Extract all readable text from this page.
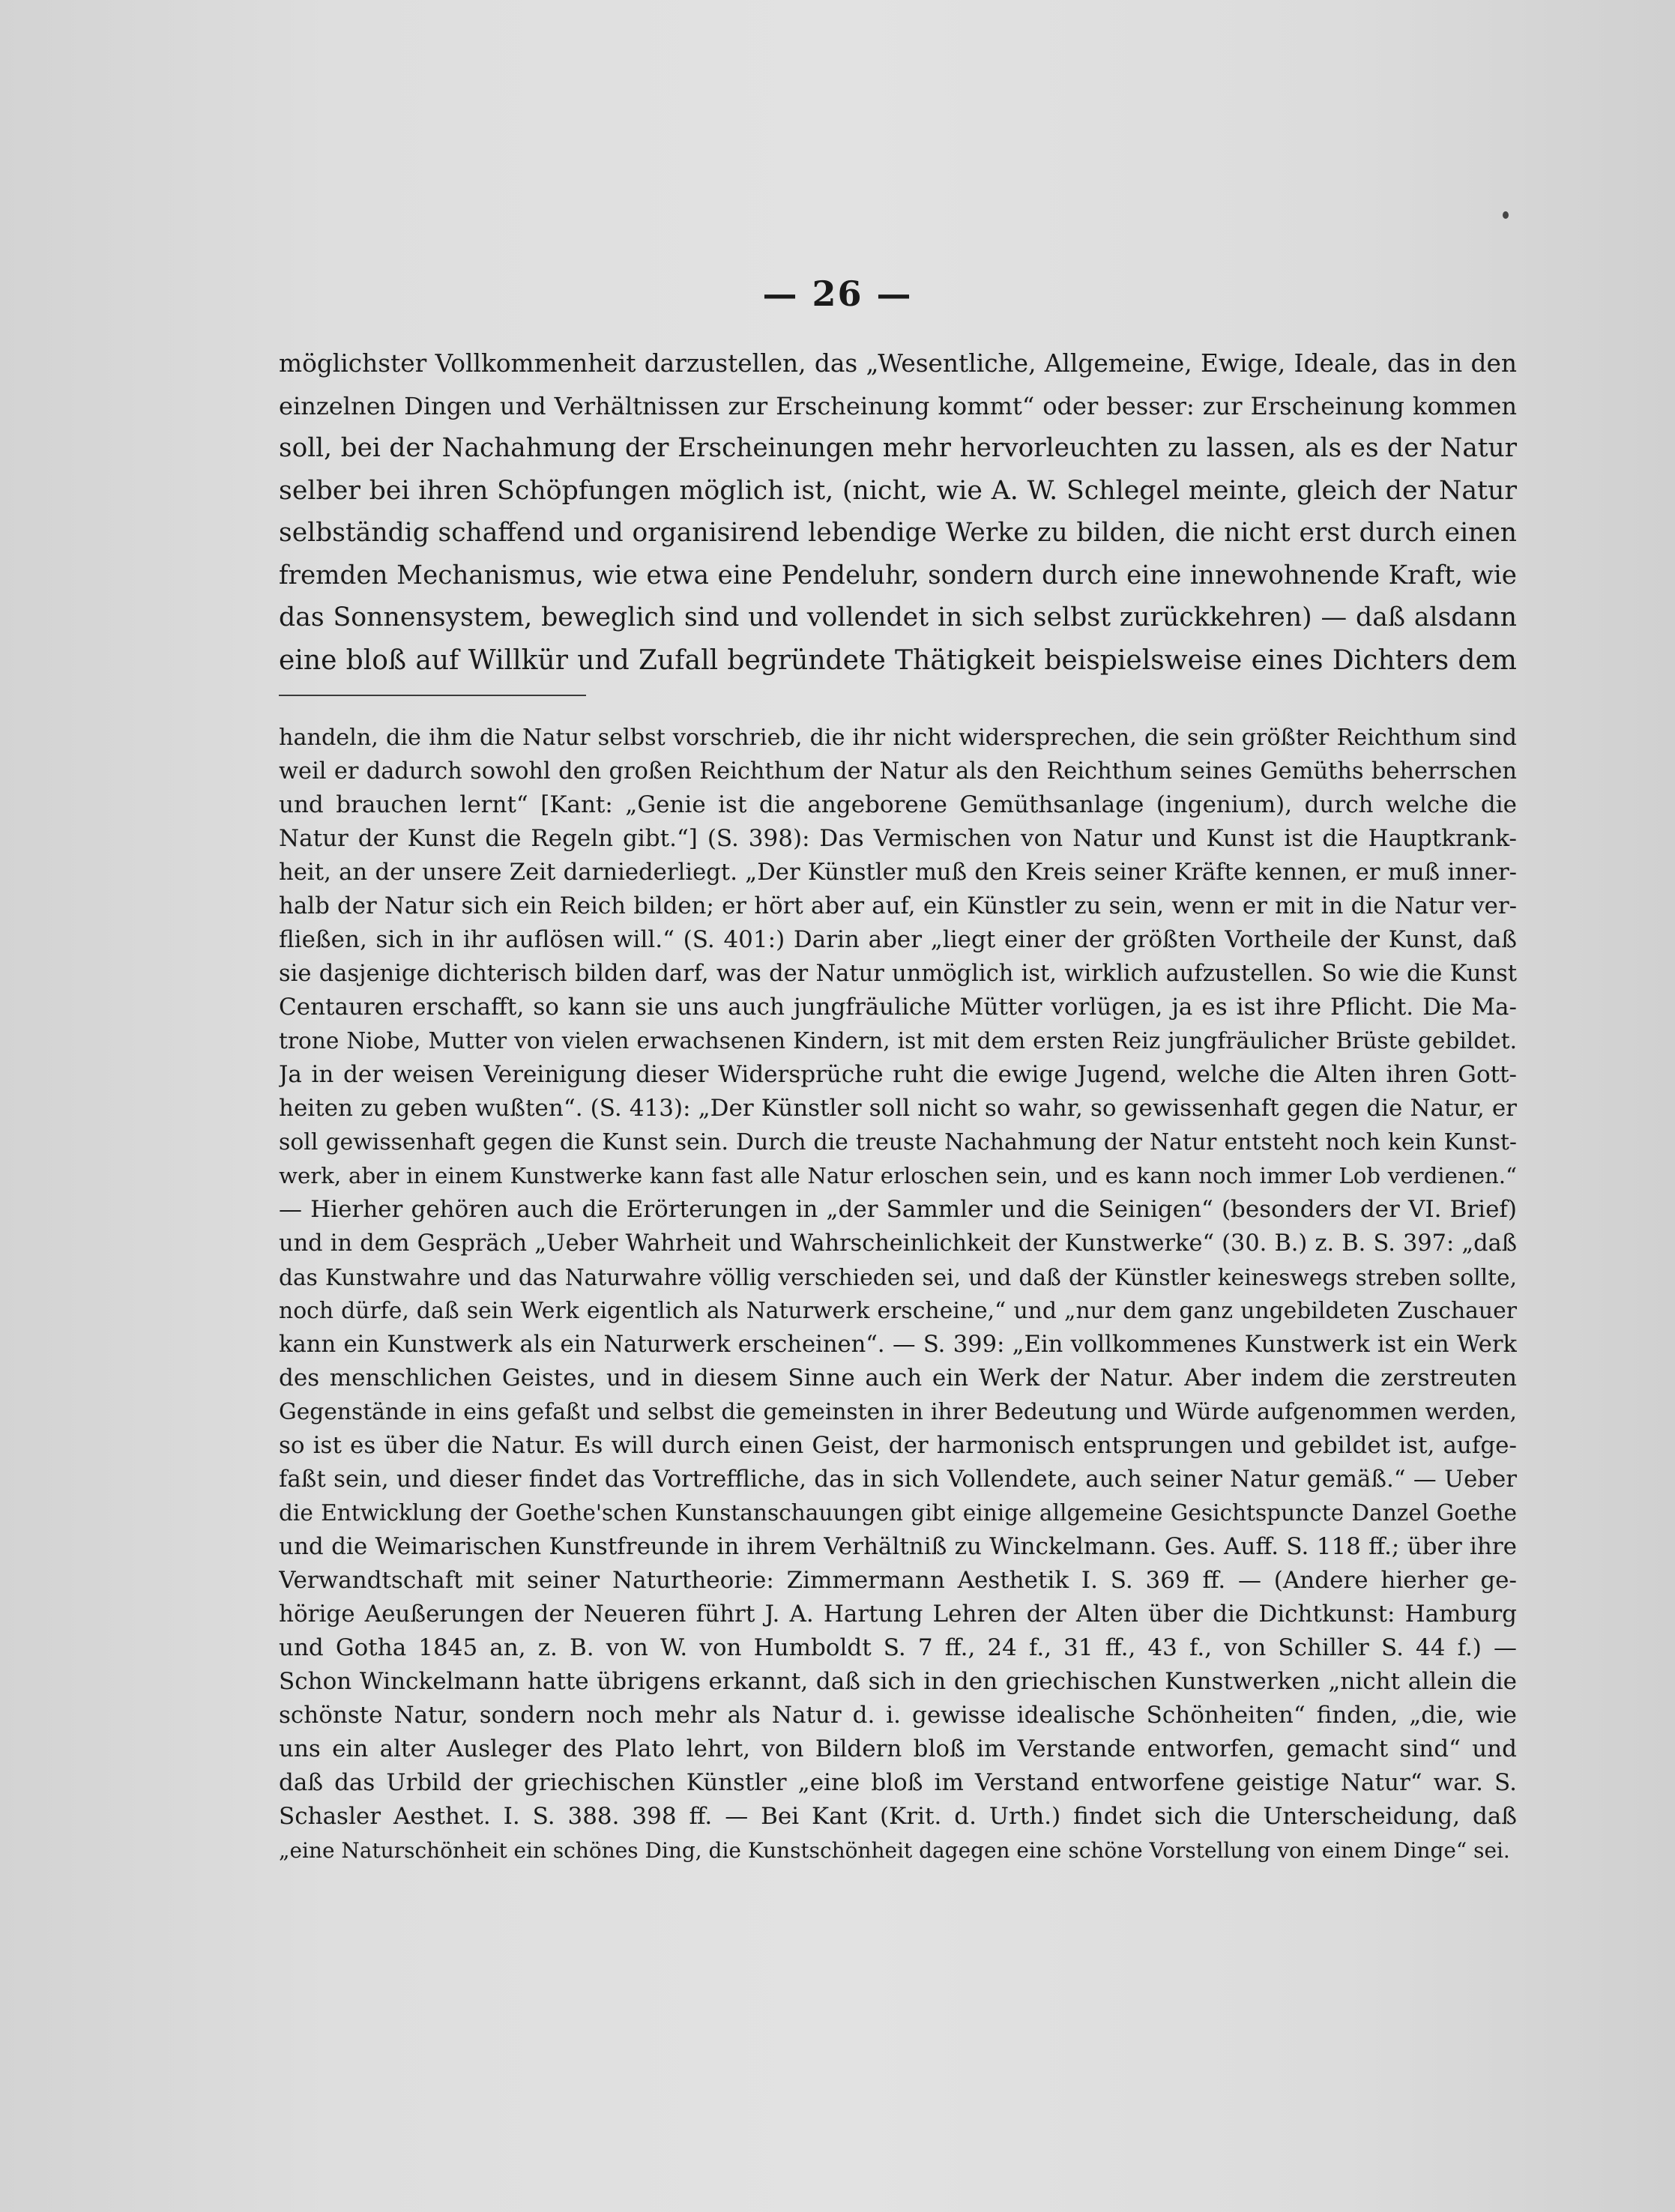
— 26 —
möglichster Vollkommenheit darzustellen, das „Wesentliche, Allgemeine, Ewige, Ideale, das in den
einzelnen Dingen und Verhältnissen zur Erscheinung kommt“ oder besser: zur Erscheinung kommen
soll, bei der Nachahmung der Erscheinungen mehr hervorleuchten zu lassen, als es der Natur
selber bei ihren Schöpfungen möglich ist, (nicht, wie A. W. Schlegel meinte, gleich der Natur
selbständig schaffend und organisirend lebendige Werke zu bilden, die nicht erst durch einen
fremden Mechanismus, wie etwa eine Pendeluhr, sondern durch eine innewohnende Kraft, wie
das Sonnensystem, beweglich sind und vollendet in sich selbst zurückkehren) — daß alsdann
eine bloß auf Willkür und Zufall begründete Thätigkeit beispielsweise eines Dichters dem
handeln, die ihm die Natur selbst vorschrieb, die ihr nicht widersprechen, die sein größter Reichthum sind
weil er dadurch sowohl den großen Reichthum der Natur als den Reichthum seines Gemüths beherrschen
und brauchen lernt“ [Kant: „Genie ist die angeborene Gemüthsanlage (ingenium), durch welche die
Natur der Kunst die Regeln gibt.“] (S. 398): Das Vermischen von Natur und Kunst ist die Hauptkrank-
heit, an der unsere Zeit darniederliegt. „Der Künstler muß den Kreis seiner Kräfte kennen, er muß inner-
halb der Natur sich ein Reich bilden; er hört aber auf, ein Künstler zu sein, wenn er mit in die Natur ver-
fließen, sich in ihr auflösen will.“ (S. 401:) Darin aber „liegt einer der größten Vortheile der Kunst, daß
sie dasjenige dichterisch bilden darf, was der Natur unmöglich ist, wirklich aufzustellen. So wie die Kunst
Centauren erschafft, so kann sie uns auch jungfräuliche Mütter vorlügen, ja es ist ihre Pflicht. Die Ma-
trone Niobe, Mutter von vielen erwachsenen Kindern, ist mit dem ersten Reiz jungfräulicher Brüste gebildet.
Ja in der weisen Vereinigung dieser Widersprüche ruht die ewige Jugend, welche die Alten ihren Gott-
heiten zu geben wußten“. (S. 413): „Der Künstler soll nicht so wahr, so gewissenhaft gegen die Natur, er
soll gewissenhaft gegen die Kunst sein. Durch die treuste Nachahmung der Natur entsteht noch kein Kunst-
werk, aber in einem Kunstwerke kann fast alle Natur erloschen sein, und es kann noch immer Lob verdienen.“
— Hierher gehören auch die Erörterungen in „der Sammler und die Seinigen“ (besonders der VI. Brief)
und in dem Gespräch „Ueber Wahrheit und Wahrscheinlichkeit der Kunstwerke“ (30. B.) z. B. S. 397: „daß
das Kunstwahre und das Naturwahre völlig verschieden sei, und daß der Künstler keineswegs streben sollte,
noch dürfe, daß sein Werk eigentlich als Naturwerk erscheine,“ und „nur dem ganz ungebildeten Zuschauer
kann ein Kunstwerk als ein Naturwerk erscheinen“. — S. 399: „Ein vollkommenes Kunstwerk ist ein Werk
des menschlichen Geistes, und in diesem Sinne auch ein Werk der Natur. Aber indem die zerstreuten
Gegenstände in eins gefaßt und selbst die gemeinsten in ihrer Bedeutung und Würde aufgenommen werden,
so ist es über die Natur. Es will durch einen Geist, der harmonisch entsprungen und gebildet ist, aufge-
faßt sein, und dieser findet das Vortreffliche, das in sich Vollendete, auch seiner Natur gemäß.“ — Ueber
die Entwicklung der Goethe'schen Kunstanschauungen gibt einige allgemeine Gesichtspuncte Danzel Goethe
und die Weimarischen Kunstfreunde in ihrem Verhältniß zu Winckelmann. Ges. Auff. S. 118 ff.; über ihre
Verwandtschaft mit seiner Naturtheorie: Zimmermann Aesthetik I. S. 369 ff. — (Andere hierher ge-
hörige Aeußerungen der Neueren führt J. A. Hartung Lehren der Alten über die Dichtkunst: Hamburg
und Gotha 1845 an, z. B. von W. von Humboldt S. 7 ff., 24 f., 31 ff., 43 f., von Schiller S. 44 f.) —
Schon Winckelmann hatte übrigens erkannt, daß sich in den griechischen Kunstwerken „nicht allein die
schönste Natur, sondern noch mehr als Natur d. i. gewisse idealische Schönheiten“ finden, „die, wie
uns ein alter Ausleger des Plato lehrt, von Bildern bloß im Verstande entworfen, gemacht sind“ und
daß das Urbild der griechischen Künstler „eine bloß im Verstand entworfene geistige Natur“ war. S.
Schasler Aesthet. I. S. 388. 398 ff. — Bei Kant (Krit. d. Urth.) findet sich die Unterscheidung, daß
„eine Naturschönheit ein schönes Ding, die Kunstschönheit dagegen eine schöne Vorstellung von einem Dinge“ sei.
